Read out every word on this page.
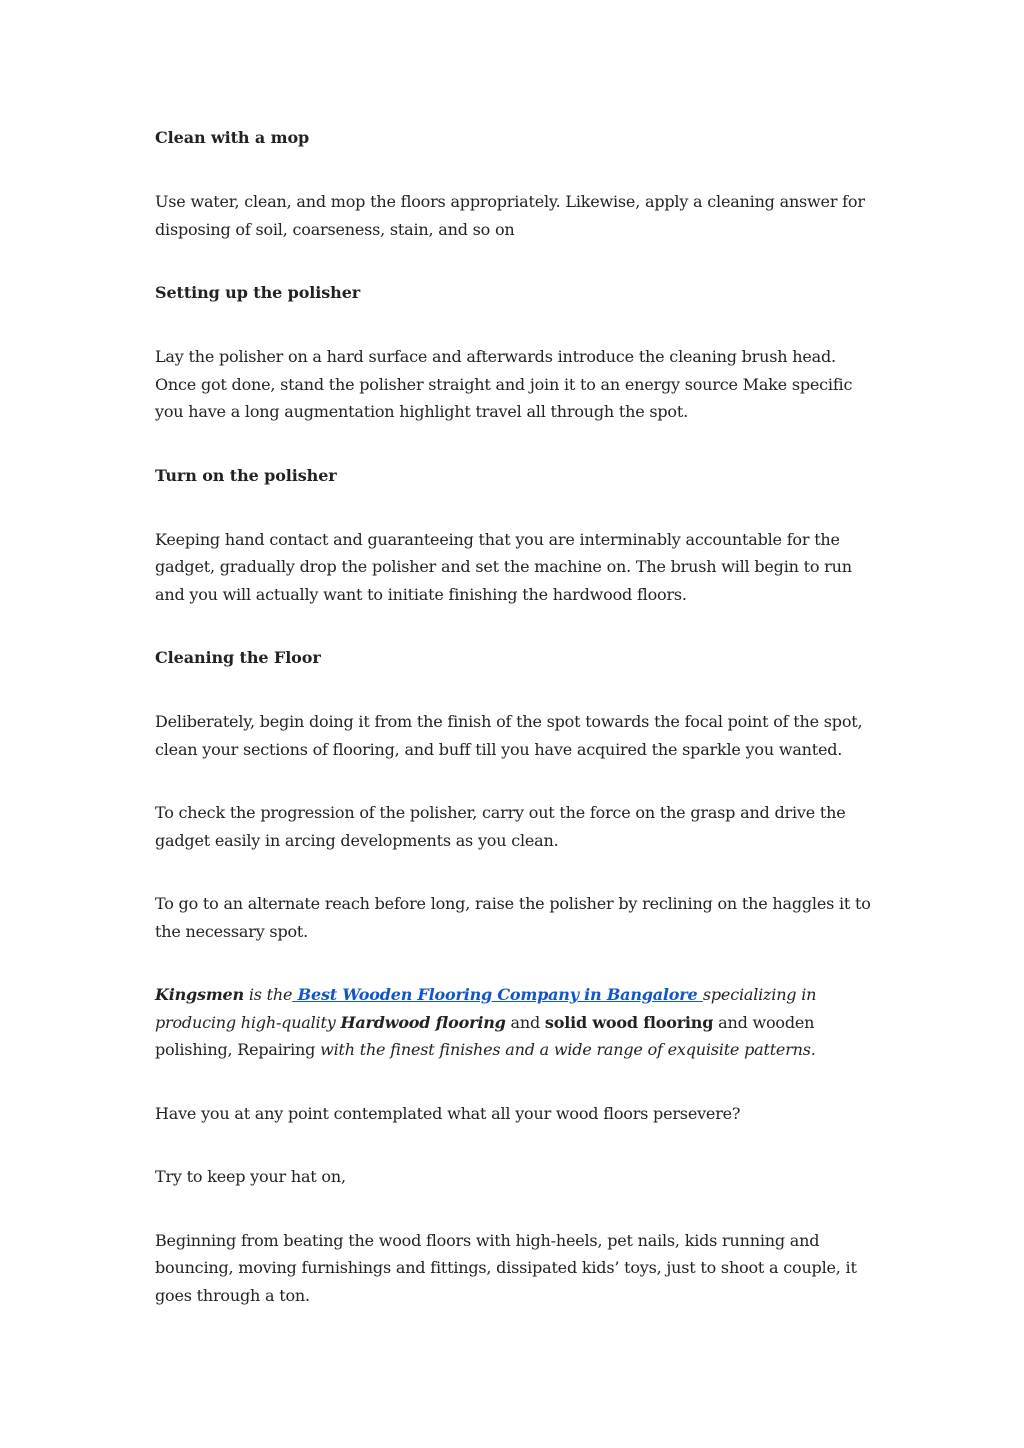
Clean with a mop

Use water, clean, and mop the floors appropriately. Likewise, apply a cleaning answer for disposing of soil, coarseness, stain, and so on

Setting up the polisher

Lay the polisher on a hard surface and afterwards introduce the cleaning brush head. Once got done, stand the polisher straight and join it to an energy source Make specific you have a long augmentation highlight travel all through the spot.

Turn on the polisher

Keeping hand contact and guaranteeing that you are interminably accountable for the gadget, gradually drop the polisher and set the machine on. The brush will begin to run and you will actually want to initiate finishing the hardwood floors.

Cleaning the Floor

Deliberately, begin doing it from the finish of the spot towards the focal point of the spot, clean your sections of flooring, and buff till you have acquired the sparkle you wanted.

To check the progression of the polisher, carry out the force on the grasp and drive the gadget easily in arcing developments as you clean.

To go to an alternate reach before long, raise the polisher by reclining on the haggles it to the necessary spot.

Kingsmen is the Best Wooden Flooring Company in Bangalore specializing in producing high-quality Hardwood flooring and solid wood flooring and wooden polishing, Repairing with the finest finishes and a wide range of exquisite patterns.

Have you at any point contemplated what all your wood floors persevere?

Try to keep your hat on,

Beginning from beating the wood floors with high-heels, pet nails, kids running and bouncing, moving furnishings and fittings, dissipated kids’ toys, just to shoot a couple, it goes through a ton.
